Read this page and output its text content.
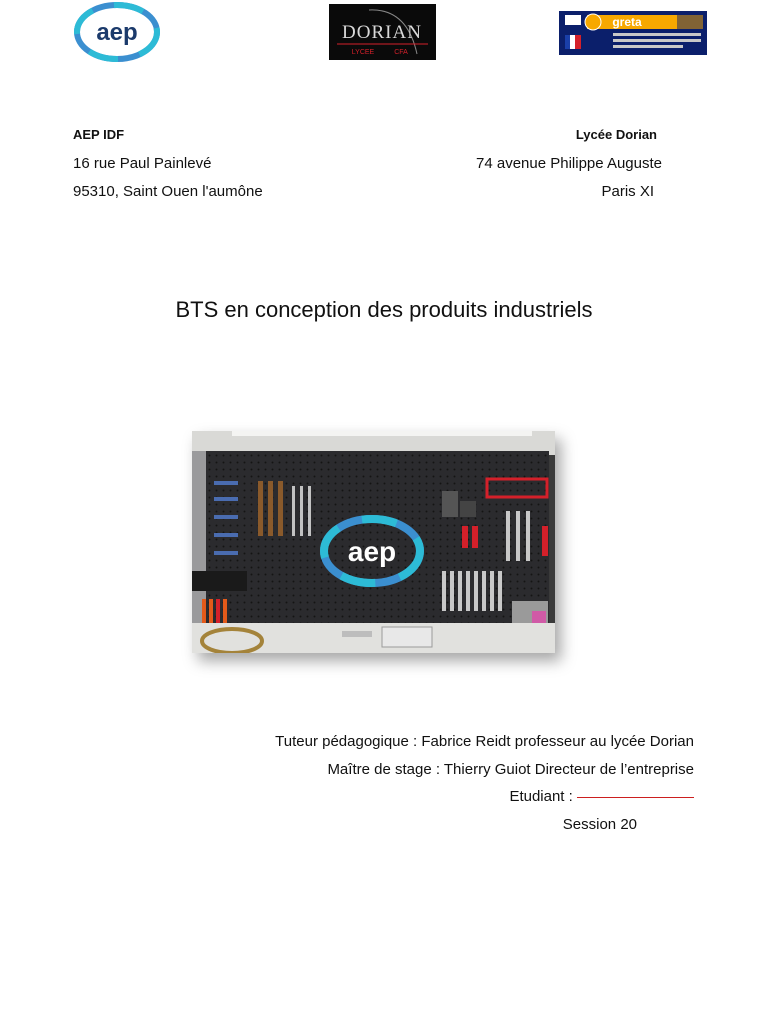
aep	DORIAN
LYCEE	CFA
greta
AEP IDF
16 rue Paul Painlevé
95310, Saint Ouen l'aumône
Lycée Dorian
74 avenue Philippe Auguste
Paris XI
BTS en conception des produits industriels
aep
Tuteur pédagogique : Fabrice Reidt professeur au lycée Dorian
Maître de stage : Thierry Guiot Directeur de l’entreprise
Etudiant :
Session 20
